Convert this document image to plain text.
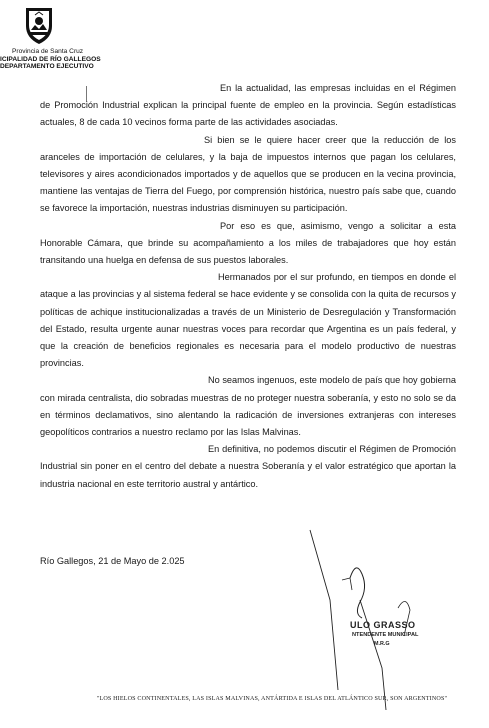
Provincia de Santa Cruz
ICIPALIDAD DE RÍO GALLEGOS
DEPARTAMENTO EJECUTIVO

En la actualidad, las empresas incluidas en el Régimen de Promoción Industrial explican la principal fuente de empleo en la provincia. Según estadísticas actuales, 8 de cada 10 vecinos forma parte de las actividades asociadas.

Si bien se le quiere hacer creer que la reducción de los aranceles de importación de celulares, y la baja de impuestos internos que pagan los celulares, televisores y aires acondicionados importados y de aquellos que se producen en la vecina provincia, mantiene las ventajas de Tierra del Fuego, por comprensión histórica, nuestro país sabe que, cuando se favorece la importación, nuestras industrias disminuyen su participación.

Por eso es que, asimismo, vengo a solicitar a esta Honorable Cámara, que brinde su acompañamiento a los miles de trabajadores que hoy están transitando una huelga en defensa de sus puestos laborales.

Hermanados por el sur profundo, en tiempos en donde el ataque a las provincias y al sistema federal se hace evidente y se consolida con la quita de recursos y políticas de achique institucionalizadas a través de un Ministerio de Desregulación y Transformación del Estado, resulta urgente aunar nuestras voces para recordar que Argentina es un país federal, y que la creación de beneficios regionales es necesaria para el modelo productivo de nuestras provincias.

No seamos ingenuos, este modelo de país que hoy gobierna con mirada centralista, dio sobradas muestras de no proteger nuestra soberanía, y esto no solo se da en términos declamativos, sino alentando la radicación de inversiones extranjeras con intereses geopolíticos contrarios a nuestro reclamo por las Islas Malvinas.

En definitiva, no podemos discutir el Régimen de Promoción Industrial sin poner en el centro del debate a nuestra Soberanía y el valor estratégico que aportan la industria nacional en este territorio austral y antártico.

Río Gallegos, 21 de Mayo de 2.025
ULO GRASSO
NTENDENTE MUNICIPAL
M.R.G
"LOS HIELOS CONTINENTALES, LAS ISLAS MALVINAS, ANTÁRTIDA E ISLAS DEL ATLÁNTICO SUR, SON ARGENTINOS"
